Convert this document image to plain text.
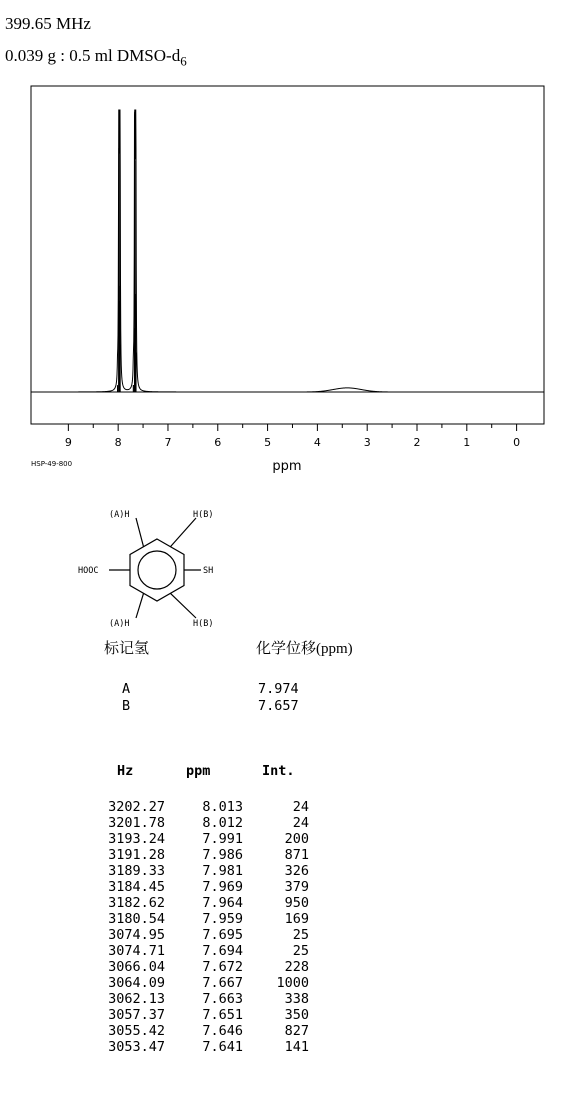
399.65 MHz
0.039 g : 0.5 ml DMSO-$d_6$
9	8	7	6	5	4	3	2	1	0
ppm
HSP-49-800
HOOC	SH
(A)H	H(B)
(A)H	H(B)
标记氢	化学位移(ppm)
A	7.974
B	7.657
Hz	ppm	Int.
3202.27	8.013	24
3201.78	8.012	24
3193.24	7.991	200
3191.28	7.986	871
3189.33	7.981	326
3184.45	7.969	379
3182.62	7.964	950
3180.54	7.959	169
3074.95	7.695	25
3074.71	7.694	25
3066.04	7.672	228
3064.09	7.667	1000
3062.13	7.663	338
3057.37	7.651	350
3055.42	7.646	827
3053.47	7.641	141
